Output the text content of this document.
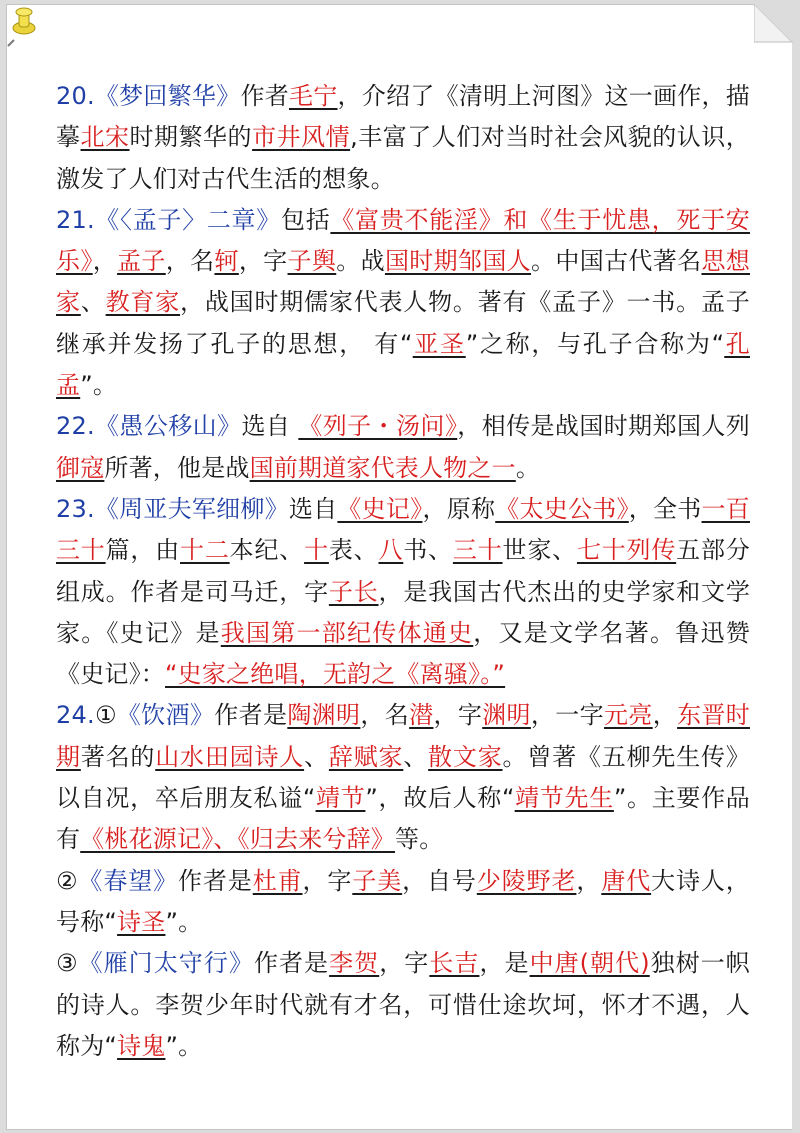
20.《梦回繁华》作者毛宁，介绍了《清明上河图》这一画作，描摹北宋时期繁华的市井风情,丰富了人们对当时社会风貌的认识，激发了人们对古代生活的想象。

21.《〈孟子〉二章》包括《富贵不能淫》和《生于忧患，死于安乐》，孟子，名轲，字子舆。战国时期邹国人。中国古代著名思想家、教育家，战国时期儒家代表人物。著有《孟子》一书。孟子继承并发扬了孔子的思想， 有“亚圣”之称，与孔子合称为“孔孟”。

22.《愚公移山》选自 《列子・汤问》，相传是战国时期郑国人列御寇所著，他是战国前期道家代表人物之一。

23.《周亚夫军细柳》选自《史记》，原称《太史公书》，全书一百三十篇，由十二本纪、十表、八书、三十世家、七十列传五部分组成。作者是司马迁，字子长，是我国古代杰出的史学家和文学家。《史记》是我国第一部纪传体通史，又是文学名著。鲁迅赞《史记》：“史家之绝唱，无韵之《离骚》。”

24.①《饮酒》作者是陶渊明，名潜，字渊明，一字元亮，东晋时期著名的山水田园诗人、辞赋家、散文家。曾著《五柳先生传》以自况，卒后朋友私谥“靖节”，故后人称“靖节先生”。主要作品有《桃花源记》、《归去来兮辞》等。

②《春望》作者是杜甫，字子美，自号少陵野老，唐代大诗人，号称“诗圣”。

③《雁门太守行》作者是李贺，字长吉，是中唐(朝代)独树一帜的诗人。李贺少年时代就有才名，可惜仕途坎坷，怀才不遇，人称为“诗鬼”。
